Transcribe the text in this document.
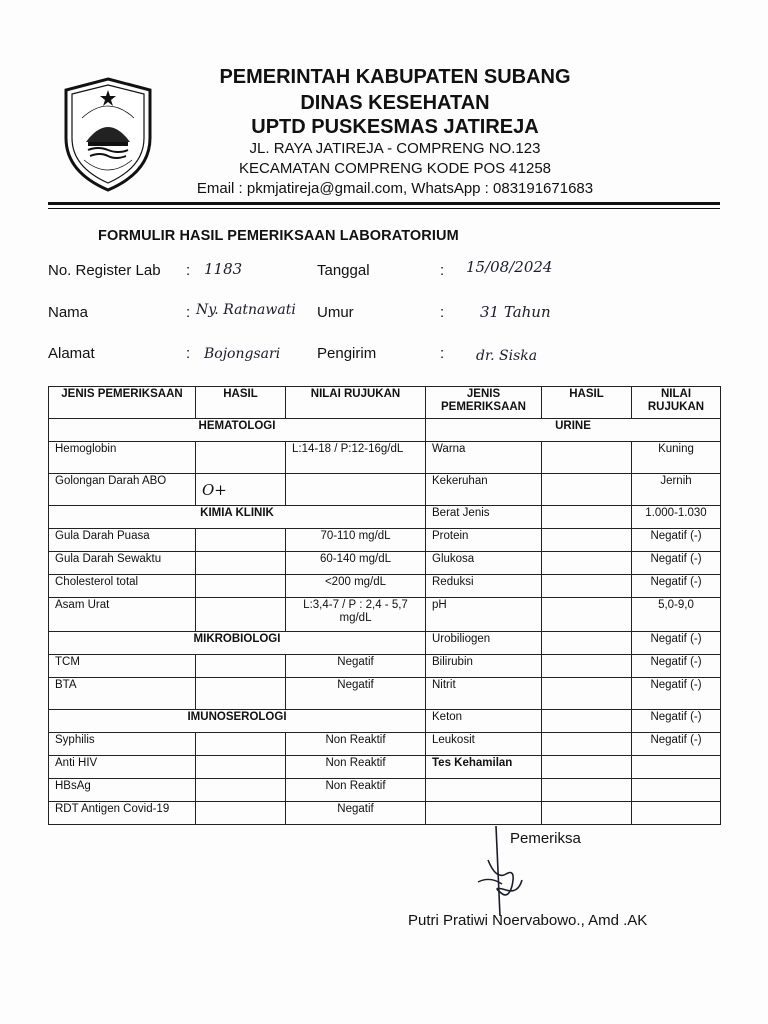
PEMERINTAH KABUPATEN SUBANG
DINAS KESEHATAN
UPTD PUSKESMAS JATIREJA
JL. RAYA JATIREJA - COMPRENG NO.123
KECAMATAN COMPRENG KODE POS 41258
Email : pkmjatireja@gmail.com, WhatsApp : 083191671683
FORMULIR HASIL PEMERIKSAAN LABORATORIUM
No. Register Lab : 1183	Tanggal	: 15/08/2024
Nama	: Ny. Ratnawati Umur	: 31 Tahun
Alamat	: Bojongsari Pengirim	: dr. Siska
JENIS PEMERIKSAAN	HASIL	NILAI RUJUKAN	JENIS PEMERIKSAAN	HASIL	NILAI RUJUKAN
HEMATOLOGI			URINE		
Hemoglobin		L:14-18 / P:12-16g/dL	Warna		Kuning
Golongan Darah ABO	O+		Kekeruhan		Jernih
KIMIA KLINIK			Berat Jenis		1.000-1.030
Gula Darah Puasa		70-110 mg/dL	Protein		Negatif (-)
Gula Darah Sewaktu		60-140 mg/dL	Glukosa		Negatif (-)
Cholesterol total		<200 mg/dL	Reduksi		Negatif (-)
Asam Urat		L:3,4-7 / P : 2,4 - 5,7 mg/dL	pH		5,0-9,0
MIKROBIOLOGI			Urobiliogen		Negatif (-)
TCM		Negatif	Bilirubin		Negatif (-)
BTA		Negatif	Nitrit		Negatif (-)
IMUNOSEROLOGI			Keton		Negatif (-)
Syphilis		Non Reaktif	Leukosit		Negatif (-)
Anti HIV		Non Reaktif	Tes Kehamilan		
HBsAg		Non Reaktif			
RDT Antigen Covid-19		Negatif			
Pemeriksa
Putri Pratiwi Noervabowo., Amd .AK
